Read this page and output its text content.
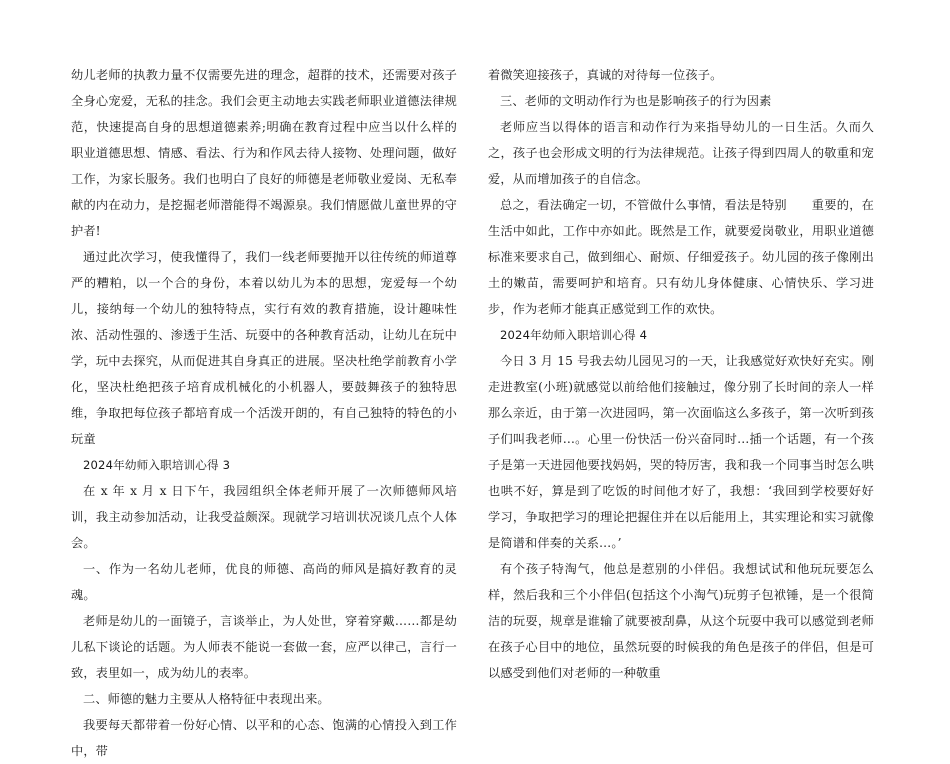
幼儿老师的执教力量不仅需要先进的理念，超群的技术，还需要对孩子全身心宠爱，无私的挂念。我们会更主动地去实践老师职业道德法律规范，快速提高自身的思想道德素养;明确在教育过程中应当以什么样的职业道德思想、情感、看法、行为和作风去待人接物、处理问题，做好工作，为家长服务。我们也明白了良好的师德是老师敬业爱岗、无私奉献的内在动力，是挖掘老师潜能得不竭源泉。我们情愿做儿童世界的守护者!

通过此次学习，使我懂得了，我们一线老师要抛开以往传统的师道尊严的糟粕，以一个合的身份，本着以幼儿为本的思想，宠爱每一个幼儿，接纳每一个幼儿的独特特点，实行有效的教育措施，设计趣味性浓、活动性强的、渗透于生活、玩耍中的各种教育活动，让幼儿在玩中学，玩中去探究，从而促进其自身真正的进展。坚决杜绝学前教育小学化，坚决杜绝把孩子培育成机械化的小机器人，要鼓舞孩子的独特思维，争取把每位孩子都培育成一个活泼开朗的，有自己独特的特色的小玩童

2024年幼师入职培训心得 3

在 x 年 x 月 x 日下午，我园组织全体老师开展了一次师德师风培训，我主动参加活动，让我受益颇深。现就学习培训状况谈几点个人体会。

一、作为一名幼儿老师，优良的师德、高尚的师风是搞好教育的灵魂。

老师是幼儿的一面镜子，言谈举止，为人处世，穿着穿戴……都是幼儿私下谈论的话题。为人师表不能说一套做一套，应严以律己，言行一致，表里如一，成为幼儿的表率。

二、师德的魅力主要从人格特征中表现出来。

我要每天都带着一份好心情、以平和的心态、饱满的心情投入到工作中，带

着微笑迎接孩子，真诚的对待每一位孩子。

三、老师的文明动作行为也是影响孩子的行为因素

老师应当以得体的语言和动作行为来指导幼儿的一日生活。久而久之，孩子也会形成文明的行为法律规范。让孩子得到四周人的敬重和宠爱，从而增加孩子的自信念。

总之，看法确定一切，不管做什么事情，看法是特别　　重要的，在生活中如此，工作中亦如此。既然是工作，就要爱岗敬业，用职业道德标准来要求自己，做到细心、耐烦、仔细爱孩子。幼儿园的孩子像刚出土的嫩苗，需要呵护和培育。只有幼儿身体健康、心情快乐、学习进步，作为老师才能真正感觉到工作的欢快。

2024年幼师入职培训心得 4

今日 3 月 15 号我去幼儿园见习的一天，让我感觉好欢快好充实。刚走进教室(小班)就感觉以前给他们接触过，像分别了长时间的亲人一样那么亲近，由于第一次进园吗，第一次面临这么多孩子，第一次听到孩子们叫我老师…。心里一份快活一份兴奋同时…插一个话题，有一个孩子是第一天进园他要找妈妈，哭的特厉害，我和我一个同事当时怎么哄也哄不好，算是到了吃饭的时间他才好了，我想：‘我回到学校要好好学习，争取把学习的理论把握住并在以后能用上，其实理论和实习就像是简谱和伴奏的关系…。’

有个孩子特淘气，他总是惹别的小伴侣。我想试试和他玩玩要怎么样，然后我和三个小伴侣(包括这个小淘气)玩剪子包袱锤，是一个很简洁的玩耍，规章是谁输了就要被刮鼻，从这个玩耍中我可以感觉到老师在孩子心目中的地位，虽然玩耍的时候我的角色是孩子的伴侣，但是可以感受到他们对老师的一种敬重
